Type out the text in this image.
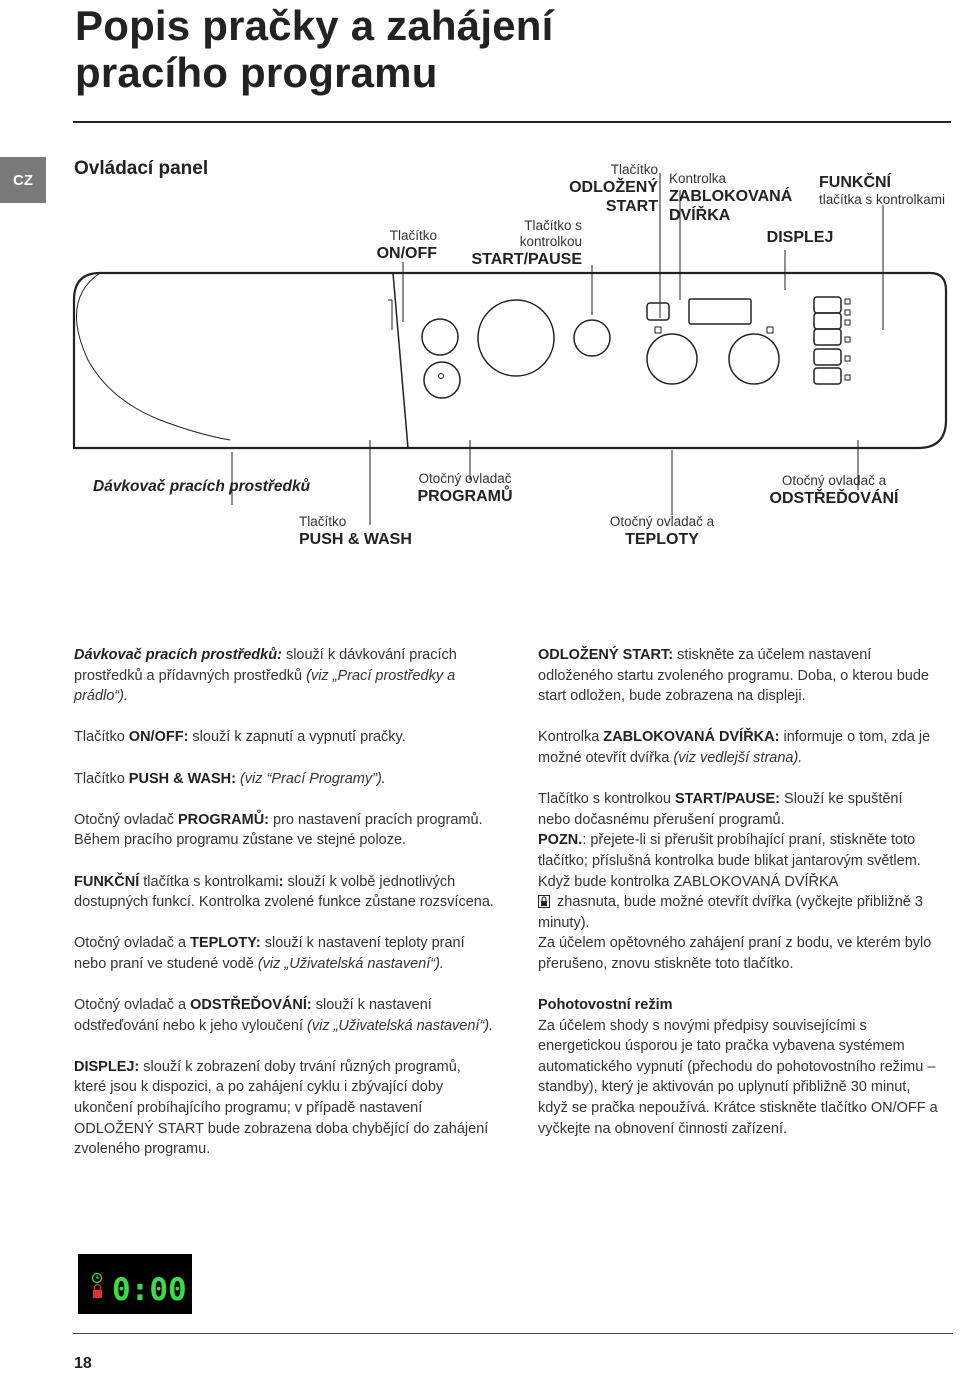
Popis pračky a zahájení
pracího programu
CZ
Ovládací panel
Tlačítko
ON/OFF
Tlačítko s
kontrolkou
START/PAUSE
Tlačítko
ODLOŽENÝ
START
Kontrolka
ZABLOKOVANÁ
DVÍŘKA
FUNKČNÍ
tlačítka s kontrolkami
DISPLEJ
Dávkovač pracích prostředků	Otočný ovladač
PROGRAMŮ
Otočný ovladač a
ODSTŘEĎOVÁNÍ
Tlačítko
PUSH & WASH
Otočný ovladač a
TEPLOTY

Dávkovač pracích prostředků: slouží k dávkování pracích prostředků a přídavných prostředků (viz „Prací prostředky a prádlo“).

Tlačítko ON/OFF: slouží k zapnutí a vypnutí pračky.

Tlačítko PUSH & WASH: (viz “Prací Programy”).

Otočný ovladač PROGRAMŮ: pro nastavení pracích programů. Během pracího programu zůstane ve stejné poloze.

FUNKČNÍ tlačítka s kontrolkami: slouží k volbě jednotlivých dostupných funkcí. Kontrolka zvolené funkce zůstane rozsvícena.

Otočný ovladač a TEPLOTY: slouží k nastavení teploty praní nebo praní ve studené vodě (viz „Uživatelská nastavení“).

Otočný ovladač a ODSTŘEĎOVÁNÍ: slouží k nastavení odstřeďování nebo k jeho vyloučení (viz „Uživatelská nastavení“).

DISPLEJ: slouží k zobrazení doby trvání různých programů, které jsou k dispozici, a po zahájení cyklu i zbývající doby ukončení probíhajícího programu; v případě nastavení ODLOŽENÝ START bude zobrazena doba chybějící do zahájení zvoleného programu.

ODLOŽENÝ START: stiskněte za účelem nastavení odloženého startu zvoleného programu. Doba, o kterou bude start odložen, bude zobrazena na displeji.

Kontrolka ZABLOKOVANÁ DVÍŘKA: informuje o tom, zda je možné otevřít dvířka (viz vedlejší strana).

Tlačítko s kontrolkou START/PAUSE: Slouží ke spuštění nebo dočasnému přerušení programů.
POZN.: přejete-li si přerušit probíhající praní, stiskněte toto tlačítko; příslušná kontrolka bude blikat jantarovým světlem. Když bude kontrolka ZABLOKOVANÁ DVÍŘKA
zhasnuta, bude možné otevřít dvířka (vyčkejte přibližně 3 minuty).

Za účelem opětovného zahájení praní z bodu, ve kterém bylo přerušeno, znovu stiskněte toto tlačítko.

Pohotovostní režim

Za účelem shody s novými předpisy souvisejícími s energetickou úsporou je tato pračka vybavena systémem automatického vypnutí (přechodu do pohotovostního režimu – standby), který je aktivován po uplynutí přibližně 30 minut, když se pračka nepoužívá. Krátce stiskněte tlačítko ON/OFF a vyčkejte na obnovení činnosti zařízení.

0:00
18
